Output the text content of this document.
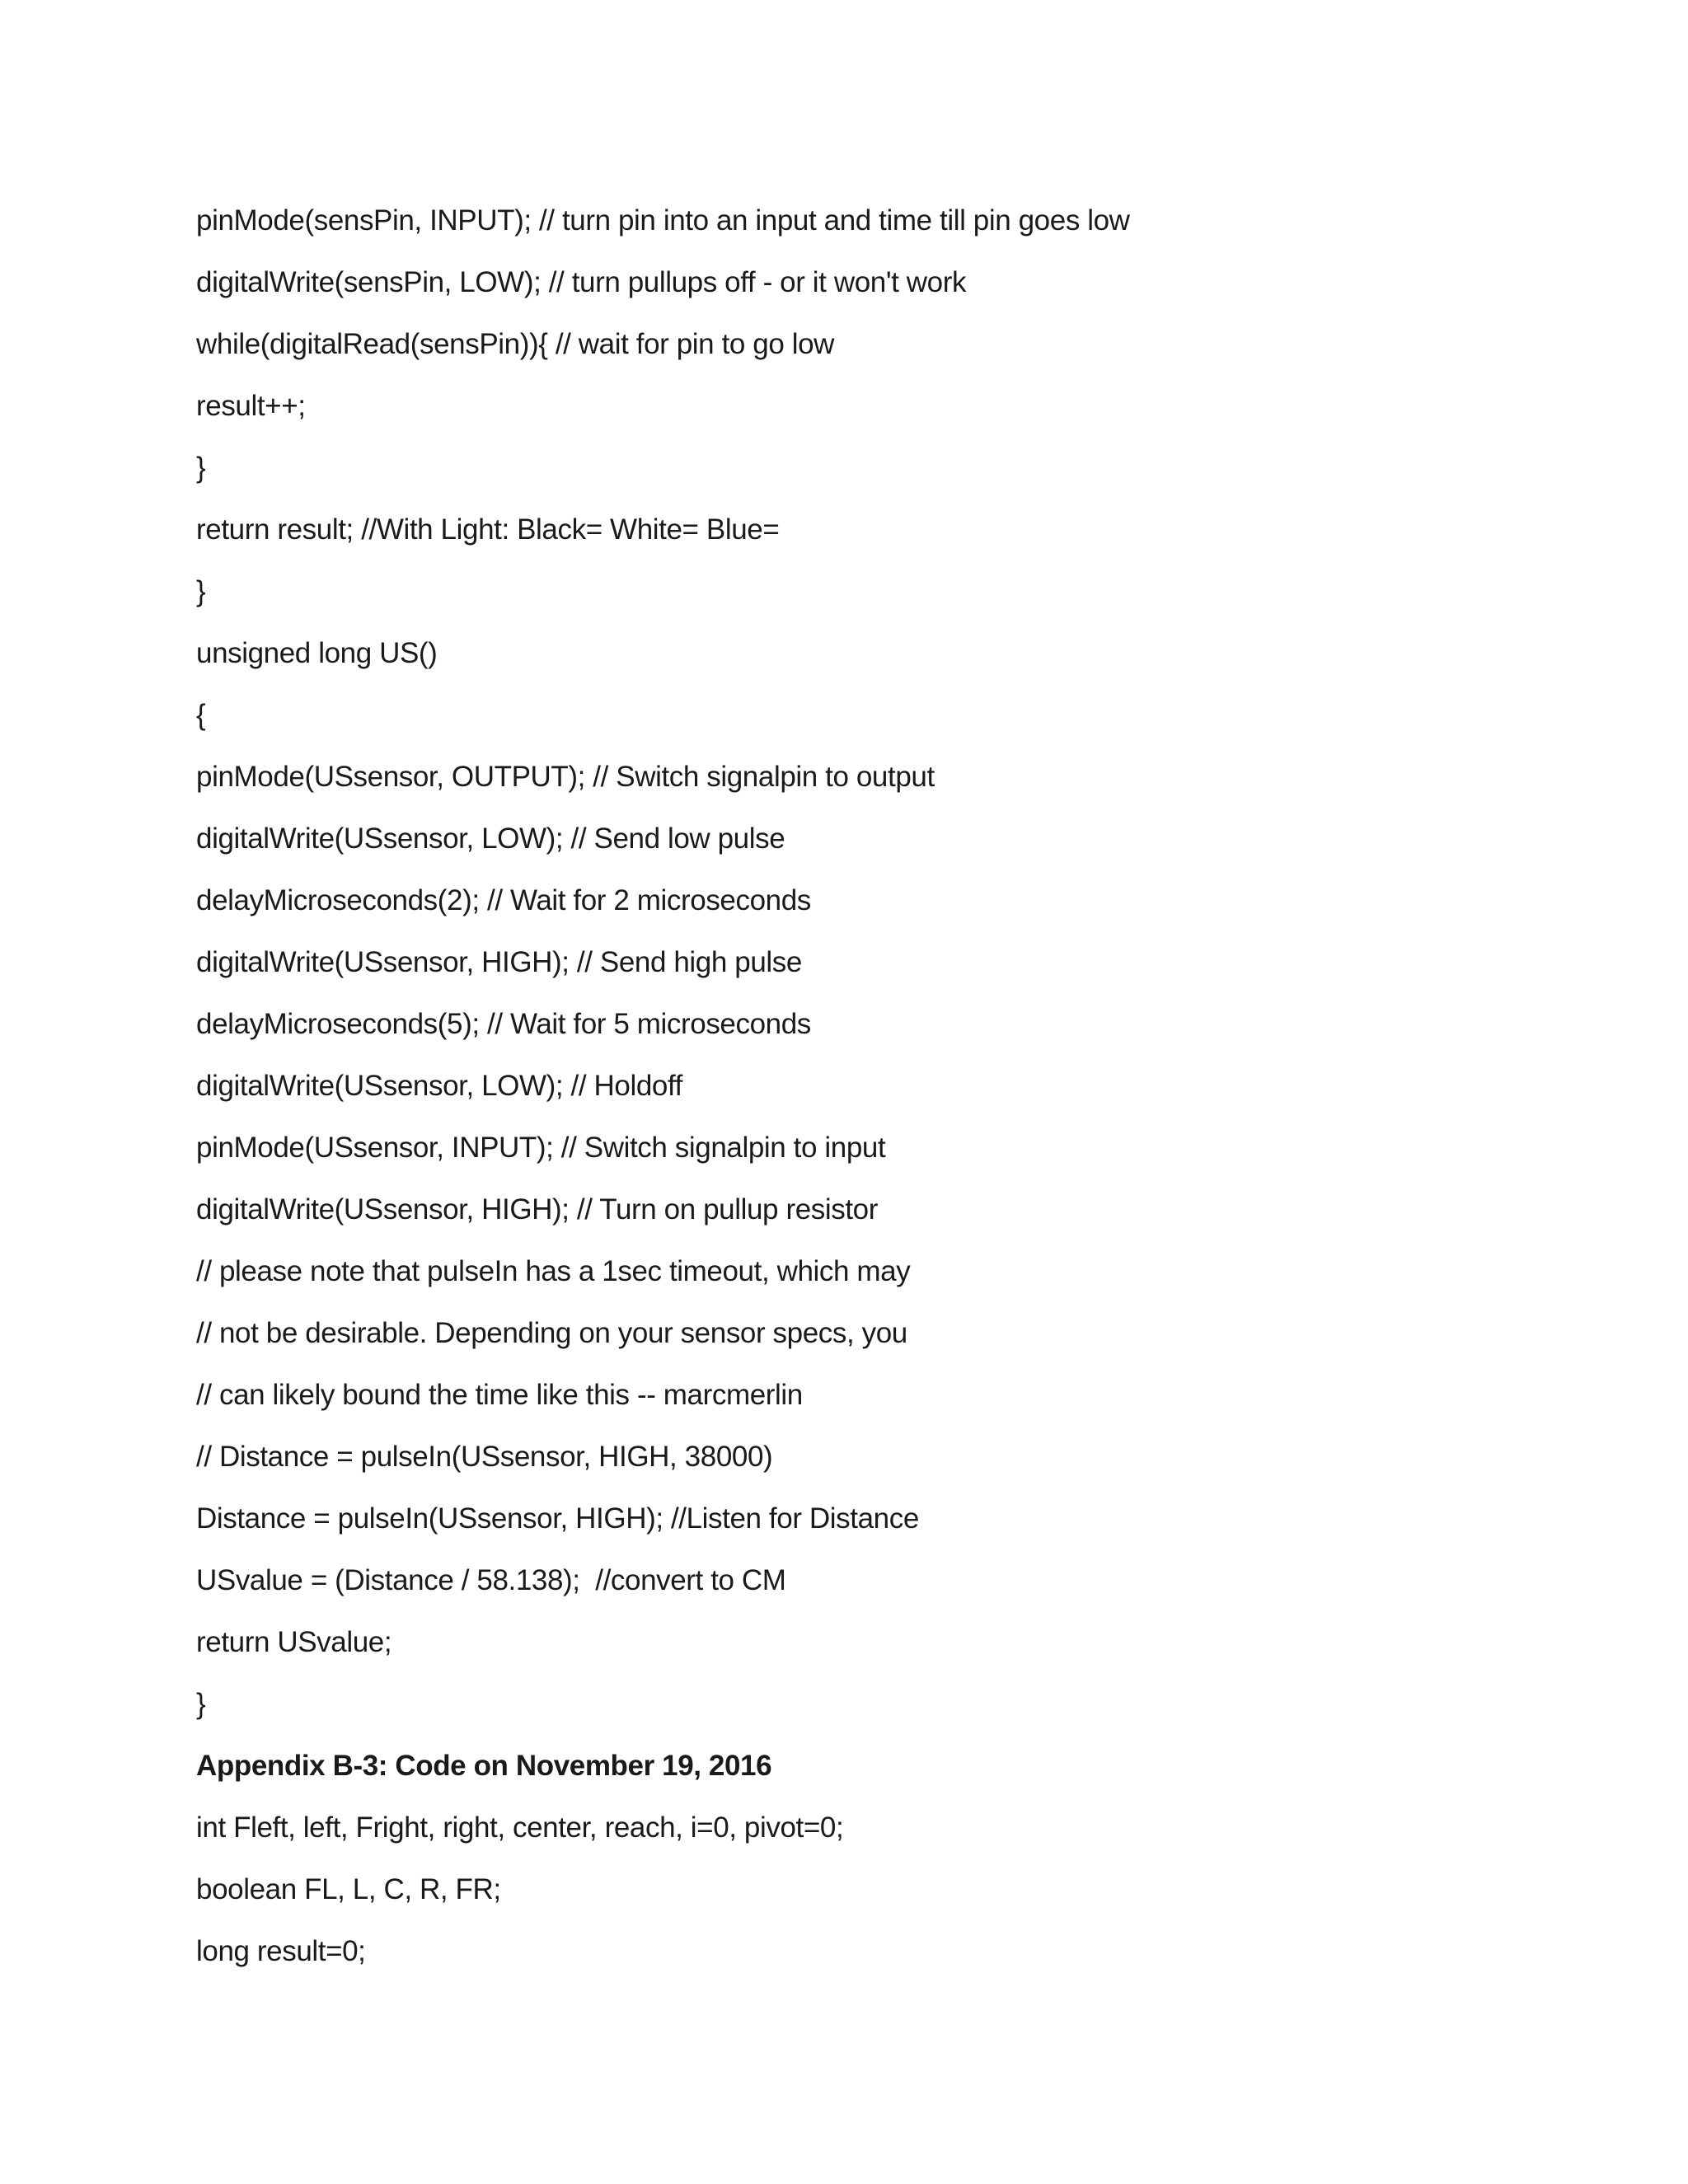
pinMode(sensPin, INPUT); // turn pin into an input and time till pin goes low
digitalWrite(sensPin, LOW); // turn pullups off - or it won't work
while(digitalRead(sensPin)){ // wait for pin to go low
result++;
}
return result; //With Light: Black= White= Blue=
}
unsigned long US()
{
pinMode(USsensor, OUTPUT); // Switch signalpin to output
digitalWrite(USsensor, LOW); // Send low pulse
delayMicroseconds(2); // Wait for 2 microseconds
digitalWrite(USsensor, HIGH); // Send high pulse
delayMicroseconds(5); // Wait for 5 microseconds
digitalWrite(USsensor, LOW); // Holdoff
pinMode(USsensor, INPUT); // Switch signalpin to input
digitalWrite(USsensor, HIGH); // Turn on pullup resistor
// please note that pulseIn has a 1sec timeout, which may
// not be desirable. Depending on your sensor specs, you
// can likely bound the time like this -- marcmerlin
// Distance = pulseIn(USsensor, HIGH, 38000)
Distance = pulseIn(USsensor, HIGH); //Listen for Distance
USvalue = (Distance / 58.138);  //convert to CM
return USvalue;
}
Appendix B-3: Code on November 19, 2016
int Fleft, left, Fright, right, center, reach, i=0, pivot=0;
boolean FL, L, C, R, FR;
long result=0;
